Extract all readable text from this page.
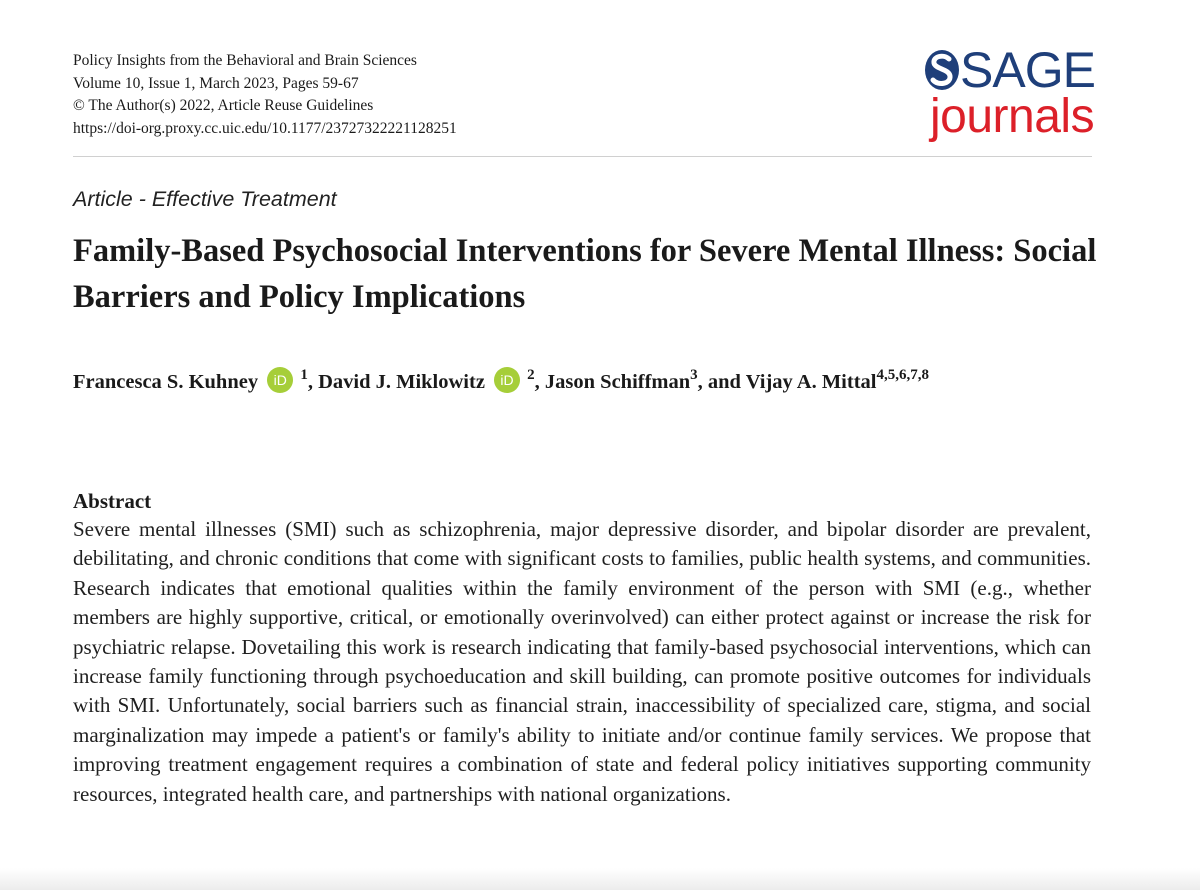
Policy Insights from the Behavioral and Brain Sciences
Volume 10, Issue 1, March 2023, Pages 59-67
© The Author(s) 2022, Article Reuse Guidelines
https://doi-org.proxy.cc.uic.edu/10.1177/23727322221128251
SAGE
journals
Article - Effective Treatment
Family-Based Psychosocial Interventions for Severe Mental Illness: Social Barriers and Policy Implications
Francesca S. Kuhney	iD $^1$, David J. Miklowitz	iD $^2$, Jason Schiffman$^3$, and Vijay A. Mittal$^{4,5,6,7,8}$
Abstract
Severe mental illnesses (SMI) such as schizophrenia, major depressive disorder, and bipolar disorder are prevalent, debilitating, and chronic conditions that come with significant costs to families, public health systems, and communities. Research indicates that emotional qualities within the family environment of the person with SMI (e.g., whether members are highly supportive, critical, or emotionally overinvolved) can either protect against or increase the risk for psychiatric relapse. Dovetailing this work is research indicating that family-based psychosocial interventions, which can increase family functioning through psychoeducation and skill building, can promote positive outcomes for individuals with SMI. Unfortunately, social barriers such as financial strain, inaccessibility of specialized care, stigma, and social marginalization may impede a patient's or family's ability to initiate and/or continue family services. We propose that improving treatment engagement requires a combination of state and federal policy initiatives supporting community resources, integrated health care, and partnerships with national organizations.
